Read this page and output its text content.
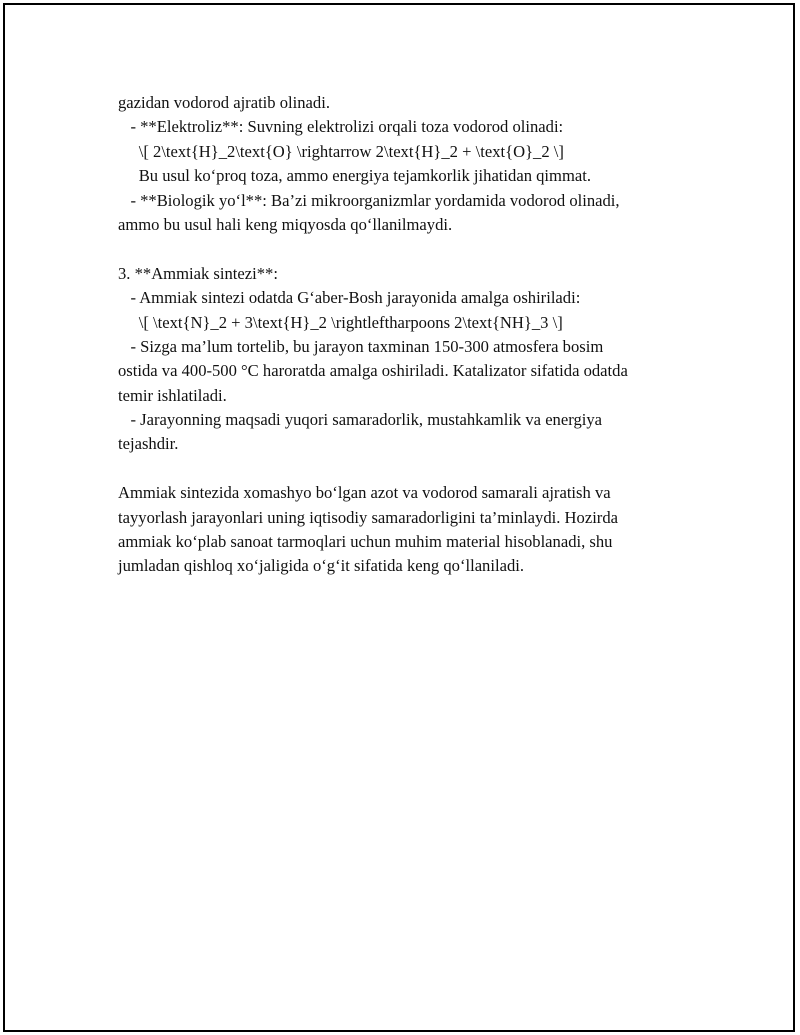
gazidan vodorod ajratib olinadi.
- **Elektroliz**: Suvning elektrolizi orqali toza vodorod olinadi:
\[ 2\text{H}_2\text{O} \rightarrow 2\text{H}_2 + \text{O}_2 \]
Bu usul ko‘proq toza, ammo energiya tejamkorlik jihatidan qimmat.
- **Biologik yo‘l**: Ba’zi mikroorganizmlar yordamida vodorod olinadi,
ammo bu usul hali keng miqyosda qo‘llanilmaydi.
3. **Ammiak sintezi**:
- Ammiak sintezi odatda G‘aber-Bosh jarayonida amalga oshiriladi:
\[ \text{N}_2 + 3\text{H}_2 \rightleftharpoons 2\text{NH}_3 \]
- Sizga ma’lum tortelib, bu jarayon taxminan 150-300 atmosfera bosim
ostida va 400-500 °C haroratda amalga oshiriladi. Katalizator sifatida odatda
temir ishlatiladi.
- Jarayonning maqsadi yuqori samaradorlik, mustahkamlik va energiya
tejashdir.
Ammiak sintezida xomashyo bo‘lgan azot va vodorod samarali ajratish va
tayyorlash jarayonlari uning iqtisodiy samaradorligini ta’minlaydi. Hozirda
ammiak ko‘plab sanoat tarmoqlari uchun muhim material hisoblanadi, shu
jumladan qishloq xo‘jaligida o‘g‘it sifatida keng qo‘llaniladi.
